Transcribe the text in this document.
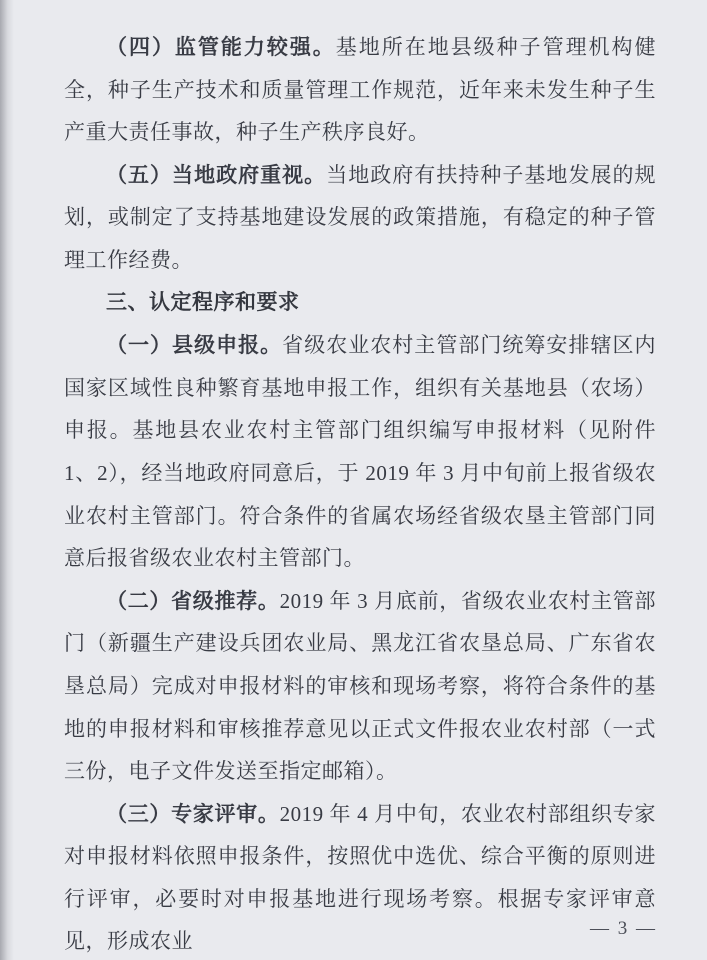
（四）监管能力较强。基地所在地县级种子管理机构健全，种子生产技术和质量管理工作规范，近年来未发生种子生产重大责任事故，种子生产秩序良好。

（五）当地政府重视。当地政府有扶持种子基地发展的规划，或制定了支持基地建设发展的政策措施，有稳定的种子管理工作经费。

三、认定程序和要求

（一）县级申报。省级农业农村主管部门统筹安排辖区内国家区域性良种繁育基地申报工作，组织有关基地县（农场）申报。基地县农业农村主管部门组织编写申报材料（见附件 1、2），经当地政府同意后，于 2019 年 3 月中旬前上报省级农业农村主管部门。符合条件的省属农场经省级农垦主管部门同意后报省级农业农村主管部门。

（二）省级推荐。2019 年 3 月底前，省级农业农村主管部门（新疆生产建设兵团农业局、黑龙江省农垦总局、广东省农垦总局）完成对申报材料的审核和现场考察，将符合条件的基地的申报材料和审核推荐意见以正式文件报农业农村部（一式三份，电子文件发送至指定邮箱）。

（三）专家评审。2019 年 4 月中旬，农业农村部组织专家对申报材料依照申报条件，按照优中选优、综合平衡的原则进行评审，必要时对申报基地进行现场考察。根据专家评审意见，形成农业

— 3 —
